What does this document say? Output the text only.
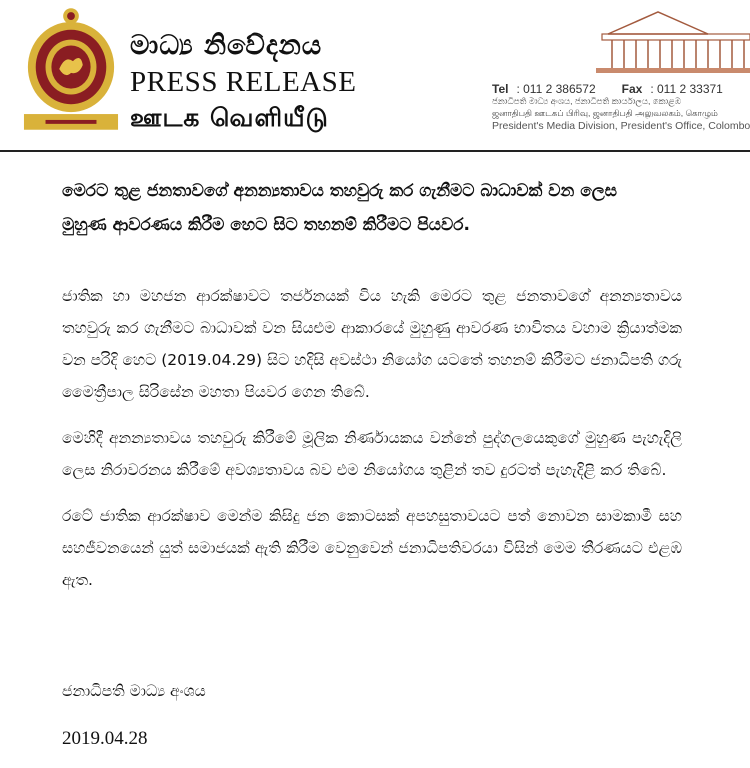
මාධ්‍ය නිවේදනය
PRESS RELEASE
ஊடக வெளியீடு
Tel : 011 2 386572 Fax : 011 2 33371
ජනාධිපති මාධ්‍ය අංශය, ජනාධිපති කාර්යාලය, කොළඹ
ஜனாதிபதி ஊடகப் பிரிவு, ஜனாதிபதி அலுவலகம், கொழும்
President's Media Division, President's Office, Colombo
මෙරට තුළ ජනතාවගේ අනන්‍යතාවය තහවුරු කර ගැනීමට බාධාවක් වන ලෙස මුහුණ ආවරණය කිරීම හෙට සිට තහනම් කිරීමට පියවර.

ජාතික හා මහජන ආරක්ෂාවට තර්ජනයක් විය හැකි මෙරට තුළ ජනතාවගේ අනන්‍යතාවය තහවුරු කර ගැනීමට බාධාවක් වන සියළුම ආකාරයේ මුහුණු ආවරණ භාවිතය වහාම ක්‍රියාත්මක වන පරිදි හෙට (2019.04.29) සිට හදිසි අවස්ථා නියෝග යටතේ තහනම් කිරීමට ජනාධිපති ගරු මෛත්‍රීපාල සිරිසේන මහතා පියවර ගෙන තිබේ.

මෙහිදී අනන්‍යතාවය තහවුරු කිරීමේ මූලික නිර්ණායකය වන්නේ පුද්ගලයෙකුගේ මුහුණ පැහැදිලි ලෙස නිරාවරනය කිරීමේ අවශ්‍යතාවය බව එම නියෝගය තුළින් තව දුරටත් පැහැදිළි කර තිබේ.

රටේ ජාතික ආරක්ෂාව මෙන්ම කිසිදු ජන කොටසක් අපහසුතාවයට පත් නොවන සාමකාමී සහ සහජීවනයෙන් යුත් සමාජයක් ඇති කිරීම වෙනුවෙන් ජනාධිපතිවරයා විසින් මෙම තීරණයට එළඹ ඇත.

ජනාධිපති මාධ්‍ය අංශය
2019.04.28
